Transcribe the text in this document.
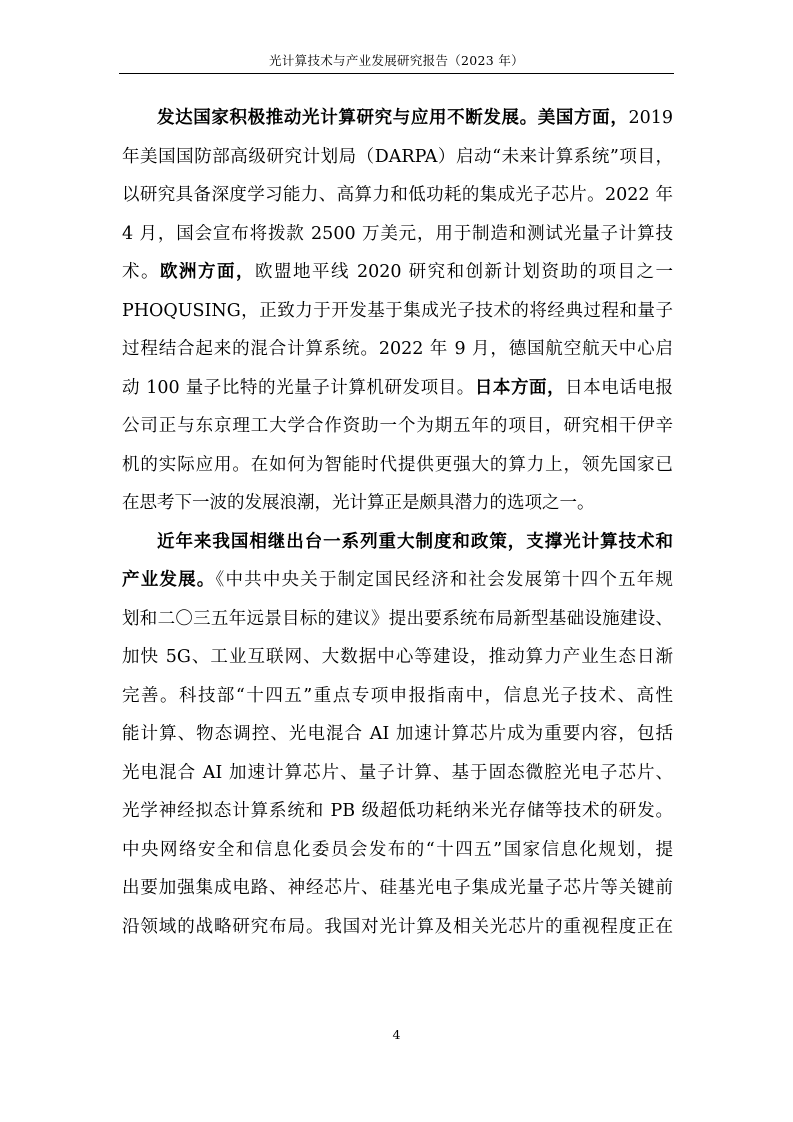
光计算技术与产业发展研究报告（2023 年）
发达国家积极推动光计算研究与应用不断发展。美国方面，2019
年美国国防部高级研究计划局（DARPA）启动“未来计算系统”项目，
以研究具备深度学习能力、高算力和低功耗的集成光子芯片。2022 年
4 月，国会宣布将拨款 2500 万美元，用于制造和测试光量子计算技
术。欧洲方面，欧盟地平线 2020 研究和创新计划资助的项目之一
PHOQUSING，正致力于开发基于集成光子技术的将经典过程和量子
过程结合起来的混合计算系统。2022 年 9 月，德国航空航天中心启
动 100 量子比特的光量子计算机研发项目。日本方面，日本电话电报
公司正与东京理工大学合作资助一个为期五年的项目，研究相干伊辛
机的实际应用。在如何为智能时代提供更强大的算力上，领先国家已
在思考下一波的发展浪潮，光计算正是颇具潜力的选项之一。
近年来我国相继出台一系列重大制度和政策，支撑光计算技术和
产业发展。《中共中央关于制定国民经济和社会发展第十四个五年规
划和二〇三五年远景目标的建议》提出要系统布局新型基础设施建设、
加快 5G、工业互联网、大数据中心等建设，推动算力产业生态日渐
完善。科技部“十四五”重点专项申报指南中，信息光子技术、高性
能计算、物态调控、光电混合 AI 加速计算芯片成为重要内容，包括
光电混合 AI 加速计算芯片、量子计算、基于固态微腔光电子芯片、
光学神经拟态计算系统和 PB 级超低功耗纳米光存储等技术的研发。
中央网络安全和信息化委员会发布的“十四五”国家信息化规划，提
出要加强集成电路、神经芯片、硅基光电子集成光量子芯片等关键前
沿领域的战略研究布局。我国对光计算及相关光芯片的重视程度正在
4
